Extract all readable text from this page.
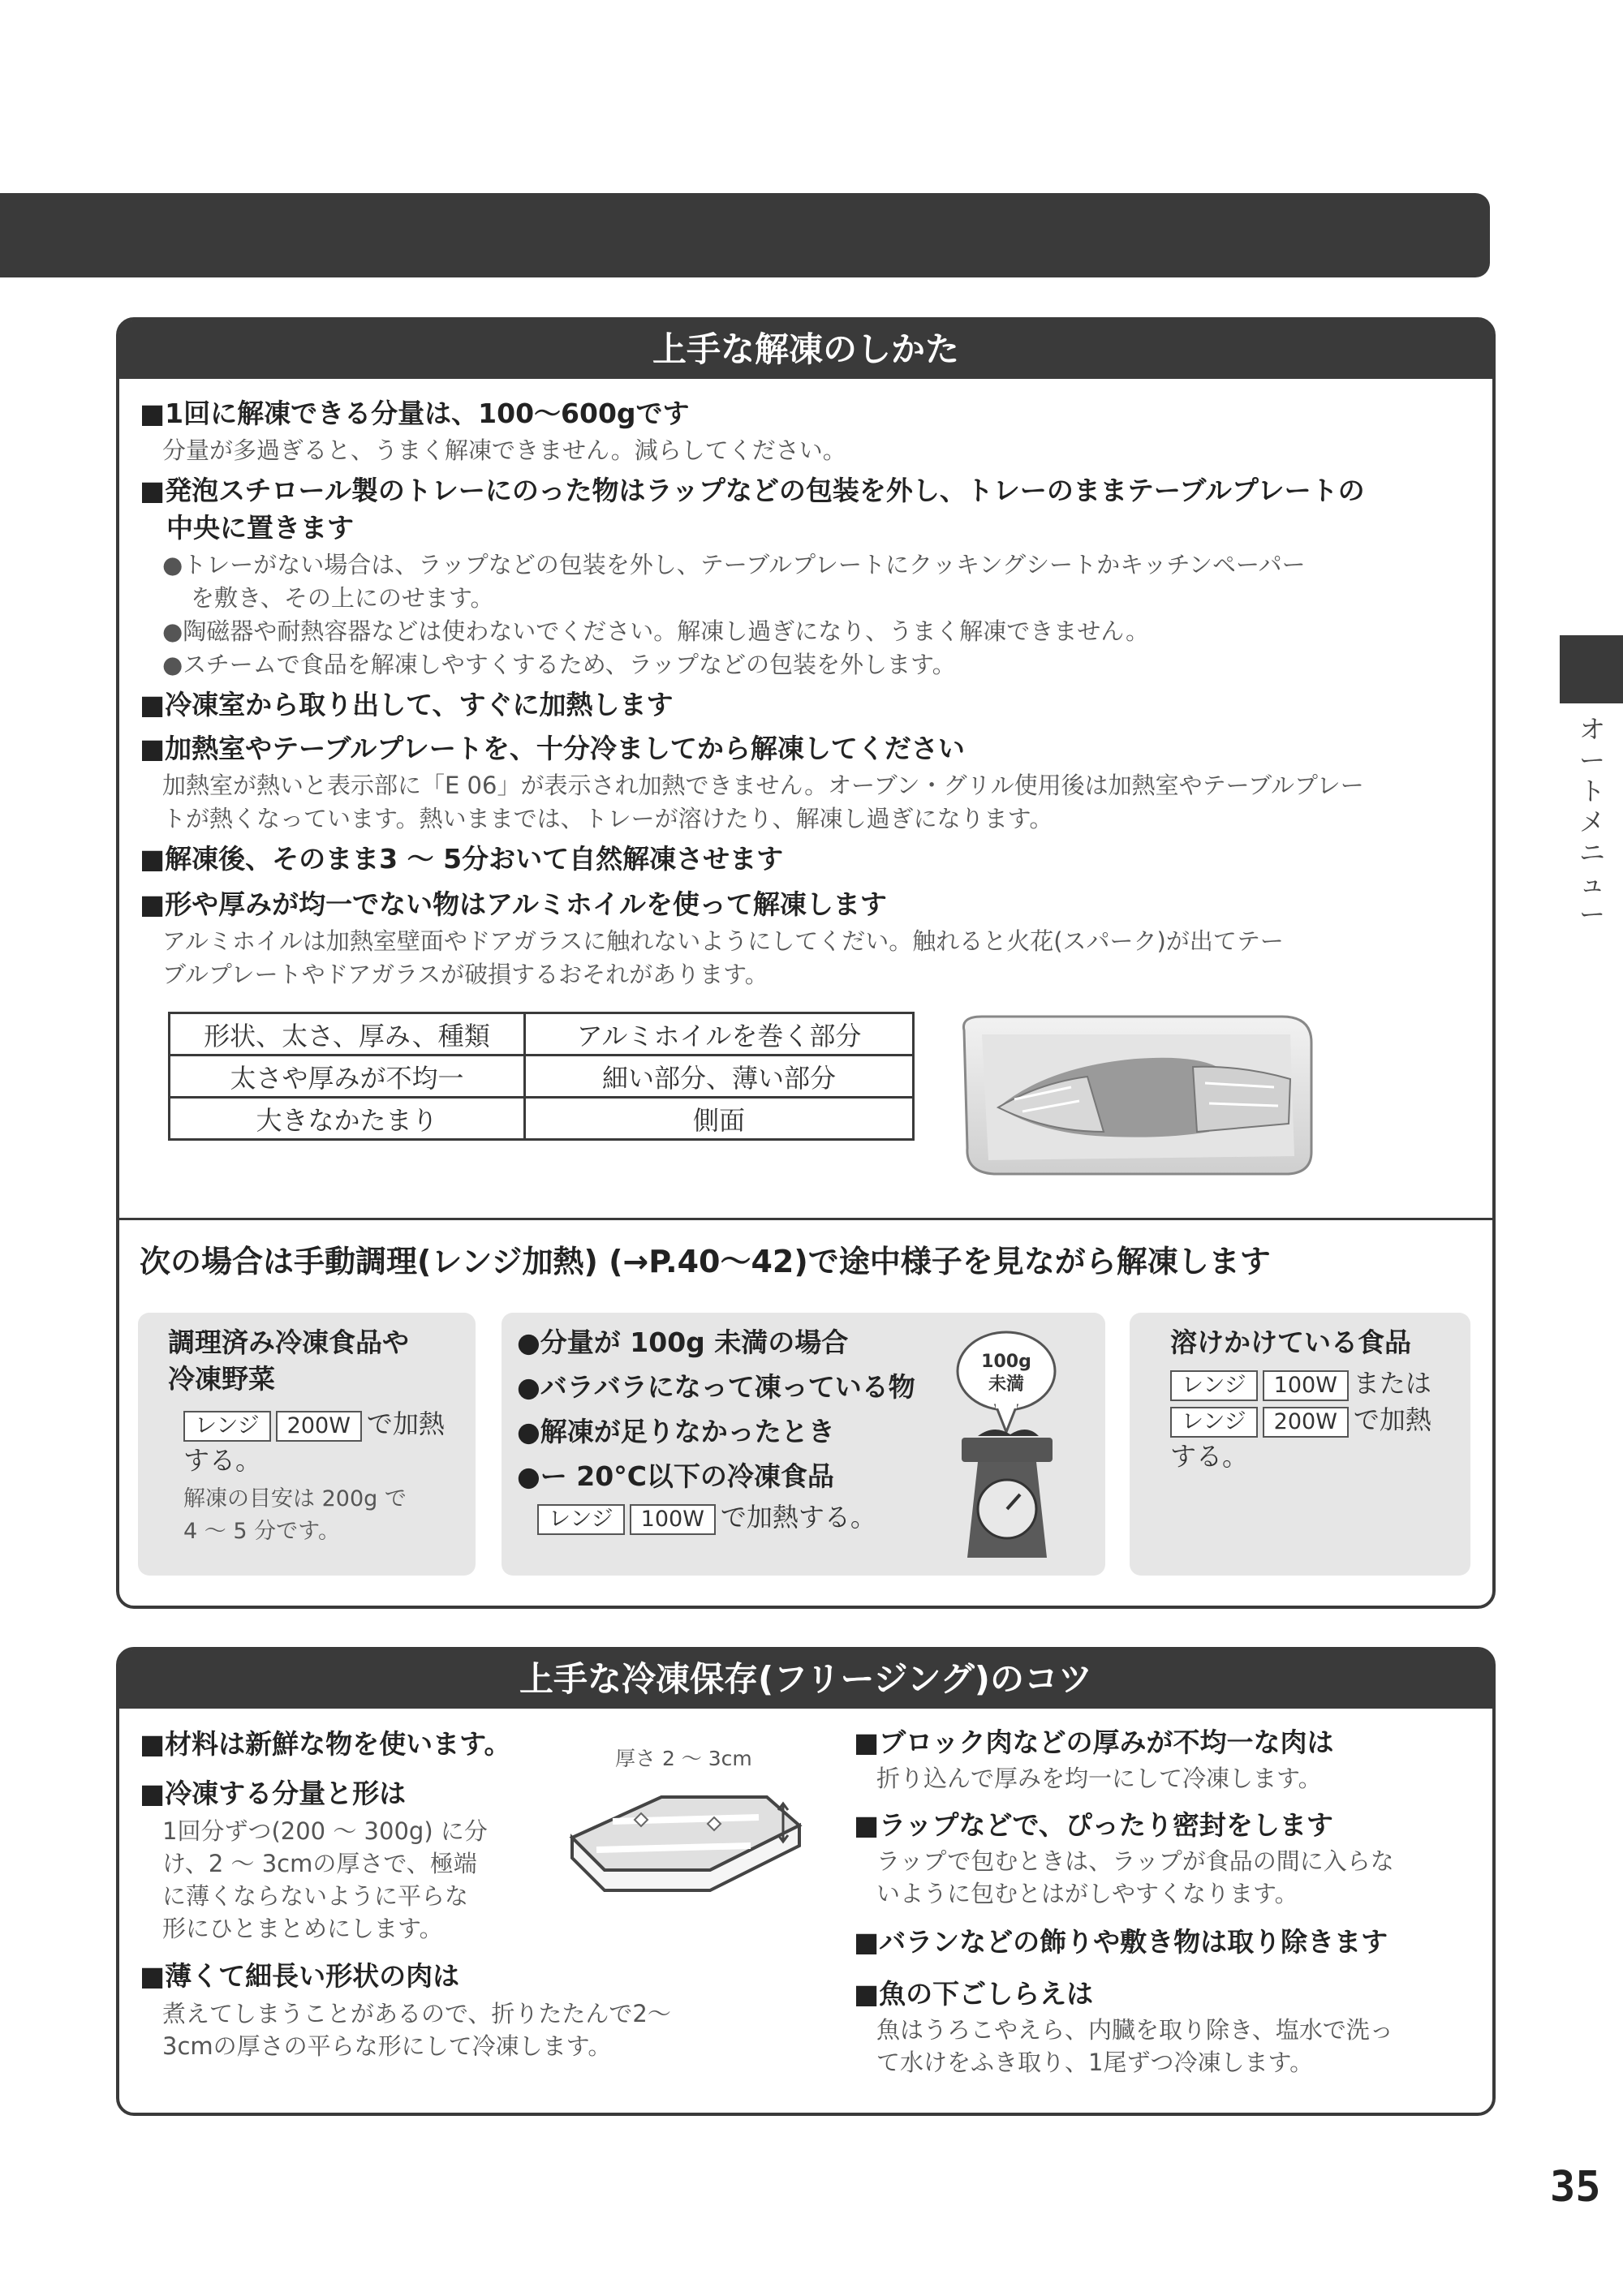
オ
ー
ト
メ
ニ
ュ
ー
上手な解凍のしかた
■1回に解凍できる分量は、100〜600gです
分量が多過ぎると、うまく解凍できません。減らしてください。
■発泡スチロール製のトレーにのった物はラップなどの包装を外し、トレーのままテーブルプレートの
中央に置きます
●トレーがない場合は、ラップなどの包装を外し、テーブルプレートにクッキングシートかキッチンペーパー
を敷き、その上にのせます。
●陶磁器や耐熱容器などは使わないでください。解凍し過ぎになり、うまく解凍できません。
●スチームで食品を解凍しやすくするため、ラップなどの包装を外します。
■冷凍室から取り出して、すぐに加熱します
■加熱室やテーブルプレートを、十分冷ましてから解凍してください
加熱室が熱いと表示部に「E 06」が表示され加熱できません。オーブン・グリル使用後は加熱室やテーブルプレー
トが熱くなっています。熱いままでは、トレーが溶けたり、解凍し過ぎになります。
■解凍後、そのまま3 〜 5分おいて自然解凍させます
■形や厚みが均一でない物はアルミホイルを使って解凍します
アルミホイルは加熱室壁面やドアガラスに触れないようにしてくだい。触れると火花(スパーク)が出てテー
ブルプレートやドアガラスが破損するおそれがあります。
形状、太さ、厚み、種類	アルミホイルを巻く部分
太さや厚みが不均一	細い部分、薄い部分
大きなかたまり	側面
次の場合は手動調理(レンジ加熱) (→P.40〜42)で途中様子を見ながら解凍します
調理済み冷凍食品や
冷凍野菜
レンジ 200W で加熱
する。
解凍の目安は 200g で
4 〜 5 分です。
●分量が 100g 未満の場合
●バラバラになって凍っている物
●解凍が足りなかったとき
●ー 20°C以下の冷凍食品
レンジ 100W で加熱する。
100g
未満
溶けかけている食品
レンジ 100W または
レンジ 200W で加熱
する。
上手な冷凍保存(フリージング)のコツ
■材料は新鮮な物を使います。
■冷凍する分量と形は
1回分ずつ(200 〜 300g) に分
け、2 〜 3cmの厚さで、極端
に薄くならないように平らな
形にひとまとめにします。
厚さ 2 〜 3cm
■薄くて細長い形状の肉は
煮えてしまうことがあるので、折りたたんで2〜
3cmの厚さの平らな形にして冷凍します。
■ブロック肉などの厚みが不均一な肉は
折り込んで厚みを均一にして冷凍します。
■ラップなどで、ぴったり密封をします
ラップで包むときは、ラップが食品の間に入らな
いように包むとはがしやすくなります。
■バランなどの飾りや敷き物は取り除きます
■魚の下ごしらえは
魚はうろこやえら、内臓を取り除き、塩水で洗っ
て水けをふき取り、1尾ずつ冷凍します。
35
